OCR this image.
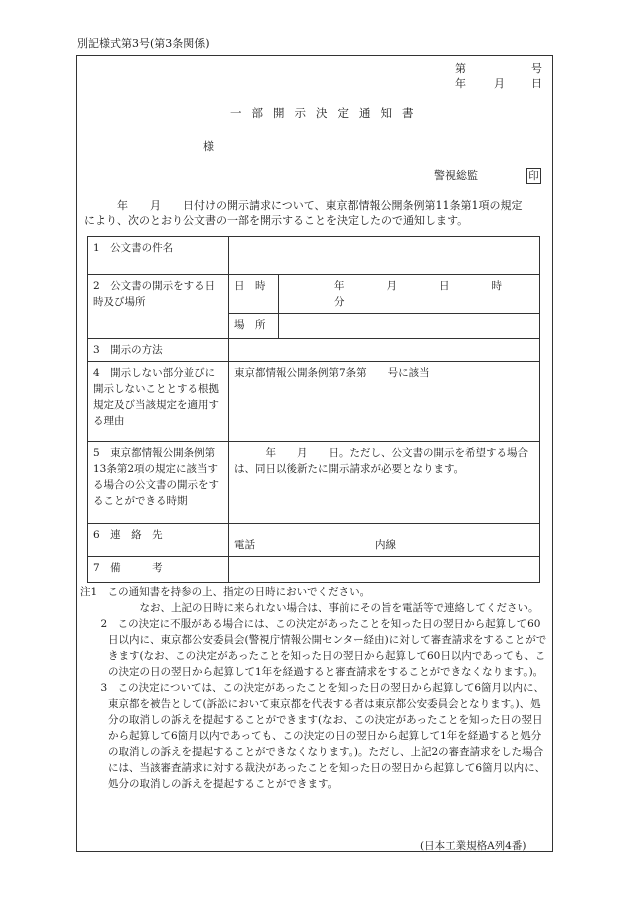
別記様式第3号(第3条関係)
第	号
年	月 日
一部開示決定通知書
様
警視総監	印
年　　月　　日付けの開示請求について、東京都情報公開条例第11条第1項の規定
により、次のとおり公文書の一部を開示することを決定したので通知します。
1　公文書の件名		
2　公文書の開示をする日時及び場所	日　時	年　　　　月　　　　日　　　　時　　　　分
	場　所	
3　開示の方法		
4　開示しない部分並びに開示しないこととする根拠規定及び当該規定を適用する理由	東京都情報公開条例第7条第　　号に該当	
5　東京都情報公開条例第13条第2項の規定に該当する場合の公文書の開示をすることができる時期	　　　年　　月　　日。ただし、公文書の開示を希望する場合は、同日以後新たに開示請求が必要となります。	
6　連　絡　先	電話 内線	
7　備　　　考		

注1　この通知書を持参の上、指定の日時においでください。

　　　なお、上記の日時に来られない場合は、事前にその旨を電話等で連絡してください。

　2　この決定に不服がある場合には、この決定があったことを知った日の翌日から起算して60日以内に、東京都公安委員会(警視庁情報公開センター経由)に対して審査請求をすることができます(なお、この決定があったことを知った日の翌日から起算して60日以内であっても、この決定の日の翌日から起算して1年を経過すると審査請求をすることができなくなります。)。

　3　この決定については、この決定があったことを知った日の翌日から起算して6箇月以内に、東京都を被告として(訴訟において東京都を代表する者は東京都公安委員会となります。)、処分の取消しの訴えを提起することができます(なお、この決定があったことを知った日の翌日から起算して6箇月以内であっても、この決定の日の翌日から起算して1年を経過すると処分の取消しの訴えを提起することができなくなります。)。ただし、上記2の審査請求をした場合には、当該審査請求に対する裁決があったことを知った日の翌日から起算して6箇月以内に、処分の取消しの訴えを提起することができます。

(日本工業規格A列4番)
